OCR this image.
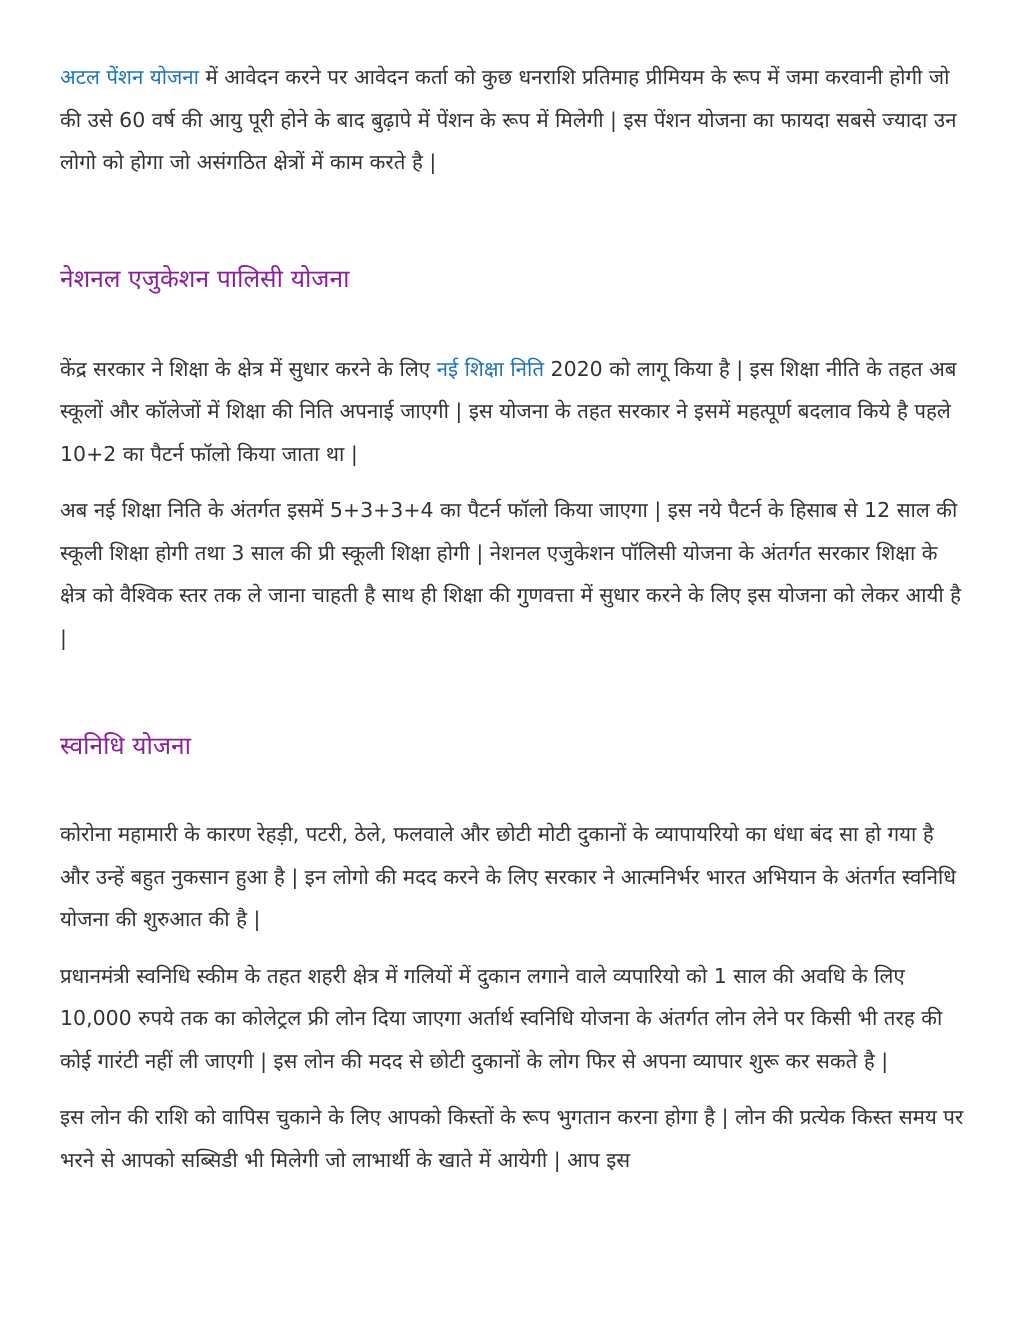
अटल पेंशन योजना में आवेदन करने पर आवेदन कर्ता को कुछ धनराशि प्रतिमाह प्रीमियम के रूप में जमा करवानी होगी जो की उसे 60 वर्ष की आयु पूरी होने के बाद बुढ़ापे में पेंशन के रूप में मिलेगी | इस पेंशन योजना का फायदा सबसे ज्यादा उन लोगो को होगा जो असंगठित क्षेत्रों में काम करते है |

नेशनल एजुकेशन पालिसी योजना

केंद्र सरकार ने शिक्षा के क्षेत्र में सुधार करने के लिए नई शिक्षा निति 2020 को लागू किया है | इस शिक्षा नीति के तहत अब स्कूलों और कॉलेजों में शिक्षा की निति अपनाई जाएगी | इस योजना के तहत सरकार ने इसमें महत्पूर्ण बदलाव किये है पहले 10+2 का पैटर्न फॉलो किया जाता था |

अब नई शिक्षा निति के अंतर्गत इसमें 5+3+3+4 का पैटर्न फॉलो किया जाएगा | इस नये पैटर्न के हिसाब से 12 साल की स्कूली शिक्षा होगी तथा 3 साल की प्री स्कूली शिक्षा होगी | नेशनल एजुकेशन पॉलिसी योजना के अंतर्गत सरकार शिक्षा के क्षेत्र को वैश्विक स्तर तक ले जाना चाहती है साथ ही शिक्षा की गुणवत्ता में सुधार करने के लिए इस योजना को लेकर आयी है |

स्वनिधि योजना

कोरोना महामारी के कारण रेहड़ी, पटरी, ठेले, फलवाले और छोटी मोटी दुकानों के व्यापायरियो का धंधा बंद सा हो गया है और उन्हें बहुत नुकसान हुआ है | इन लोगो की मदद करने के लिए सरकार ने आत्मनिर्भर भारत अभियान के अंतर्गत स्वनिधि योजना की शुरुआत की है |

प्रधानमंत्री स्वनिधि स्कीम के तहत शहरी क्षेत्र में गलियों में दुकान लगाने वाले व्यपारियो को 1 साल की अवधि के लिए 10,000 रुपये तक का कोलेट्रल फ्री लोन दिया जाएगा अर्तार्थ स्वनिधि योजना के अंतर्गत लोन लेने पर किसी भी तरह की कोई गारंटी नहीं ली जाएगी | इस लोन की मदद से छोटी दुकानों के लोग फिर से अपना व्यापार शुरू कर सकते है |

इस लोन की राशि को वापिस चुकाने के लिए आपको किस्तों के रूप भुगतान करना होगा है | लोन की प्रत्येक किस्त समय पर भरने से आपको सब्सिडी भी मिलेगी जो लाभार्थी के खाते में आयेगी | आप इस
